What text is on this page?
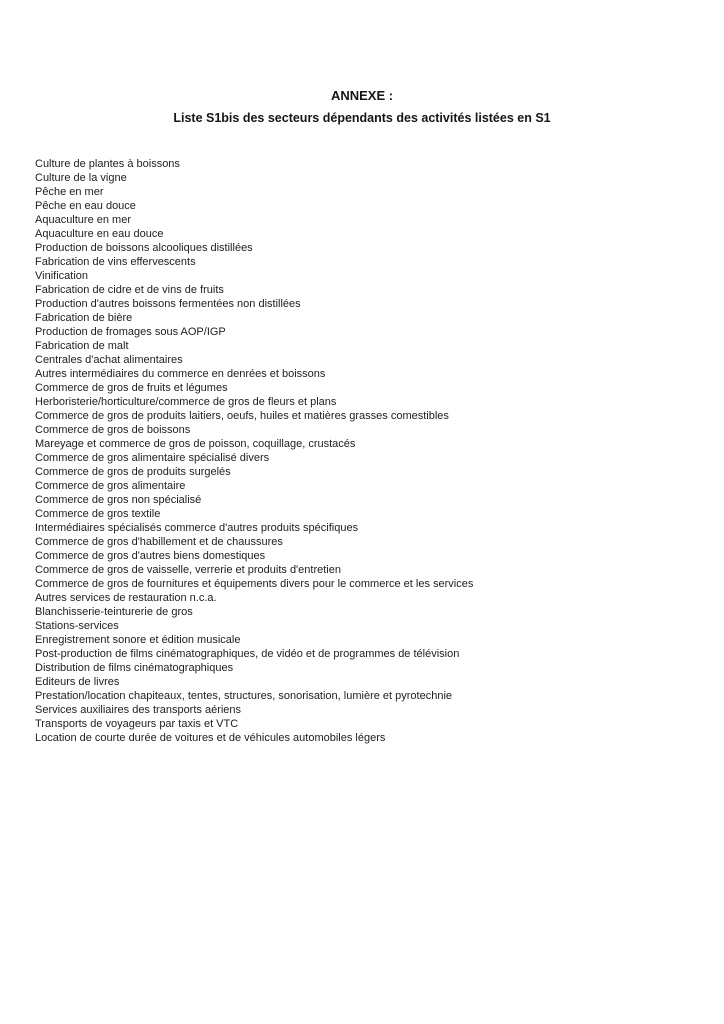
ANNEXE :
Liste S1bis des secteurs dépendants des activités listées en S1
Culture de plantes à boissons
Culture de la vigne
Pêche en mer
Pêche en eau douce
Aquaculture en mer
Aquaculture en eau douce
Production de boissons alcooliques distillées
Fabrication de vins effervescents
Vinification
Fabrication de cidre et de vins de fruits
Production d'autres boissons fermentées non distillées
Fabrication de bière
Production de fromages sous AOP/IGP
Fabrication de malt
Centrales d'achat alimentaires
Autres intermédiaires du commerce en denrées et boissons
Commerce de gros de fruits et légumes
Herboristerie/horticulture/commerce de gros de fleurs et plans
Commerce de gros de produits laitiers, oeufs, huiles et matières grasses comestibles
Commerce de gros de boissons
Mareyage et commerce de gros de poisson, coquillage, crustacés
Commerce de gros alimentaire spécialisé divers
Commerce de gros de produits surgelés
Commerce de gros alimentaire
Commerce de gros non spécialisé
Commerce de gros textile
Intermédiaires spécialisés commerce d'autres produits spécifiques
Commerce de gros d'habillement et de chaussures
Commerce de gros d'autres biens domestiques
Commerce de gros de vaisselle, verrerie et produits d'entretien
Commerce de gros de fournitures et équipements divers pour le commerce et les services
Autres services de restauration n.c.a.
Blanchisserie-teinturerie de gros
Stations-services
Enregistrement sonore et édition musicale
Post-production de films cinématographiques, de vidéo et de programmes de télévision
Distribution de films cinématographiques
Editeurs de livres
Prestation/location chapiteaux, tentes, structures, sonorisation, lumière et pyrotechnie
Services auxiliaires des transports aériens
Transports de voyageurs par taxis et VTC
Location de courte durée de voitures et de véhicules automobiles légers
